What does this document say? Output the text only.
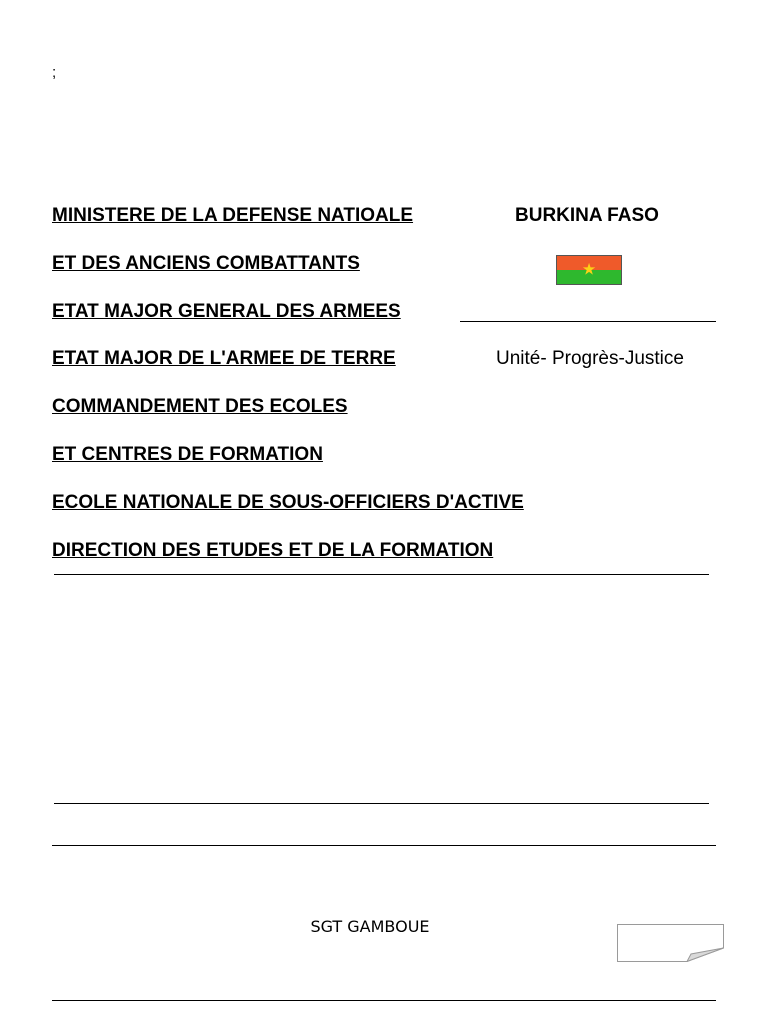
;
MINISTERE DE LA DEFENSE NATIOALE
ET DES ANCIENS COMBATTANTS
ETAT MAJOR GENERAL DES ARMEES
ETAT MAJOR DE L'ARMEE DE TERRE
COMMANDEMENT DES ECOLES
ET CENTRES DE FORMATION
ECOLE NATIONALE DE SOUS-OFFICIERS D'ACTIVE
DIRECTION DES ETUDES ET DE LA FORMATION
BURKINA FASO
★
Unité- Progrès-Justice
SGT GAMBOUE
